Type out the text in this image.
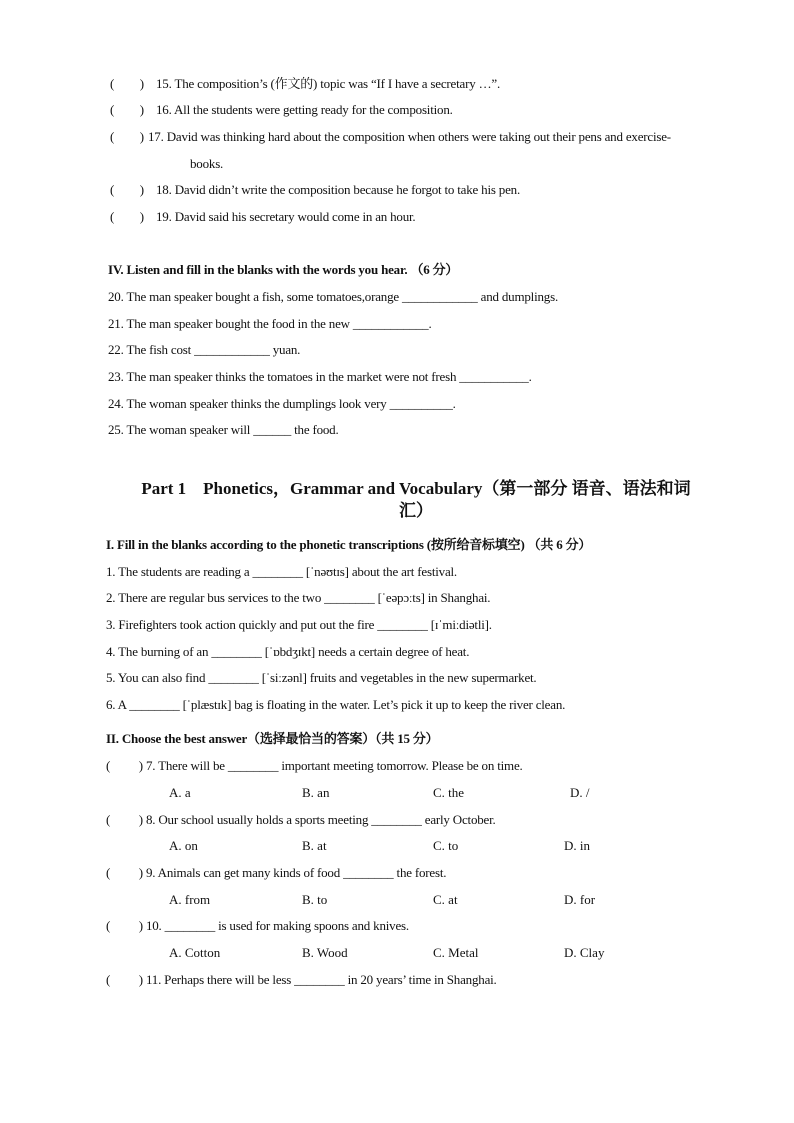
(　　) 15. The composition’s (作文的) topic was “If I have a secretary …”.
(　　) 16. All the students were getting ready for the composition.
(　　) 17. David was thinking hard about the composition when others were taking out their pens and exercise-
books.
(　　) 18. David didn’t write the composition because he forgot to take his pen.
(　　) 19. David said his secretary would come in an hour.
IV. Listen and fill in the blanks with the words you hear. （6 分）
20. The man speaker bought a fish, some tomatoes,orange ____________ and dumplings.
21. The man speaker bought the food in the new ____________.
22. The fish cost ____________ yuan.
23. The man speaker thinks the tomatoes in the market were not fresh ___________.
24. The woman speaker thinks the dumplings look very __________.
25. The woman speaker will ______ the food.
Part 1　Phonetics，Grammar and Vocabulary（第一部分 语音、语法和词
汇）
I. Fill in the blanks according to the phonetic transcriptions (按所给音标填空) （共 6 分）
1. The students are reading a ________ [ˈnəʊtɪs] about the art festival.
2. There are regular bus services to the two ________ [ˈeəpɔːts] in Shanghai.
3. Firefighters took action quickly and put out the fire ________ [ɪˈmiːdiətli].
4. The burning of an ________ [ˈɒbdʒɪkt] needs a certain degree of heat.
5. You can also find ________ [ˈsiːzənl] fruits and vegetables in the new supermarket.
6. A ________ [ˈplæstɪk] bag is floating in the water. Let’s pick it up to keep the river clean.
II. Choose the best answer（选择最恰当的答案）（共 15 分）
(　　 ) 7. There will be ________ important meeting tomorrow. Please be on time.
A. a	B. an	C. the	D. /
(　　 ) 8. Our school usually holds a sports meeting ________ early October.
A. on	B. at	C. to	D. in
(　　 ) 9. Animals can get many kinds of food ________ the forest.
A. from	B. to	C. at	D. for
(　　 ) 10. ________ is used for making spoons and knives.
A. Cotton	B. Wood	C. Metal	D. Clay
(　　 ) 11. Perhaps there will be less ________ in 20 years’ time in Shanghai.
